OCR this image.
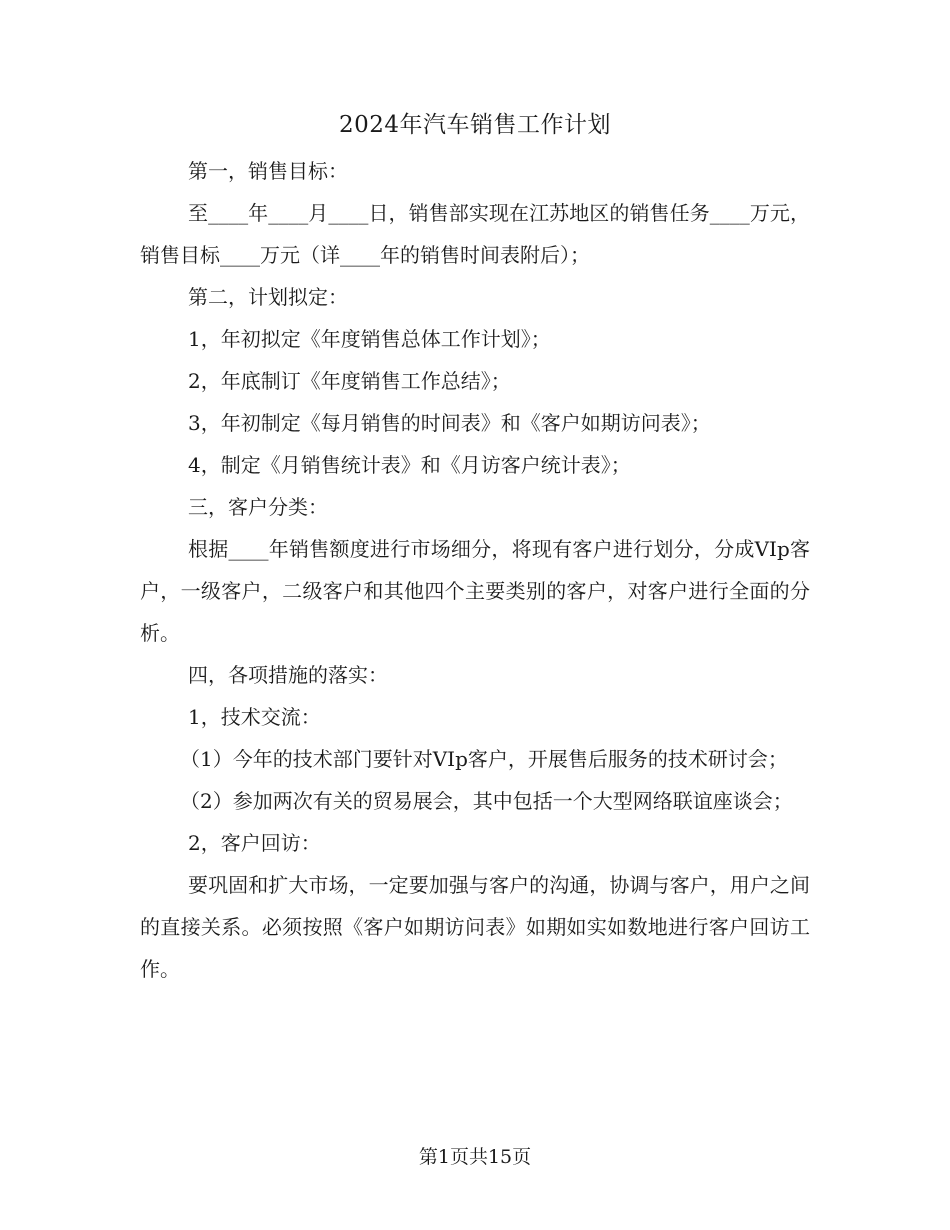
2024年汽车销售工作计划

第一，销售目标：

至____年____月____日，销售部实现在江苏地区的销售任务____万元，销售目标____万元（详____年的销售时间表附后）；

第二，计划拟定：

1，年初拟定《年度销售总体工作计划》；

2，年底制订《年度销售工作总结》；

3，年初制定《每月销售的时间表》和《客户如期访问表》；

4，制定《月销售统计表》和《月访客户统计表》；

三，客户分类：

根据____年销售额度进行市场细分，将现有客户进行划分，分成VIp客户，一级客户，二级客户和其他四个主要类别的客户，对客户进行全面的分析。

四，各项措施的落实：

1，技术交流：

（1）今年的技术部门要针对VIp客户，开展售后服务的技术研讨会；

（2）参加两次有关的贸易展会，其中包括一个大型网络联谊座谈会；

2，客户回访：

要巩固和扩大市场，一定要加强与客户的沟通，协调与客户，用户之间的直接关系。必须按照《客户如期访问表》如期如实如数地进行客户回访工作。

第1页共15页
